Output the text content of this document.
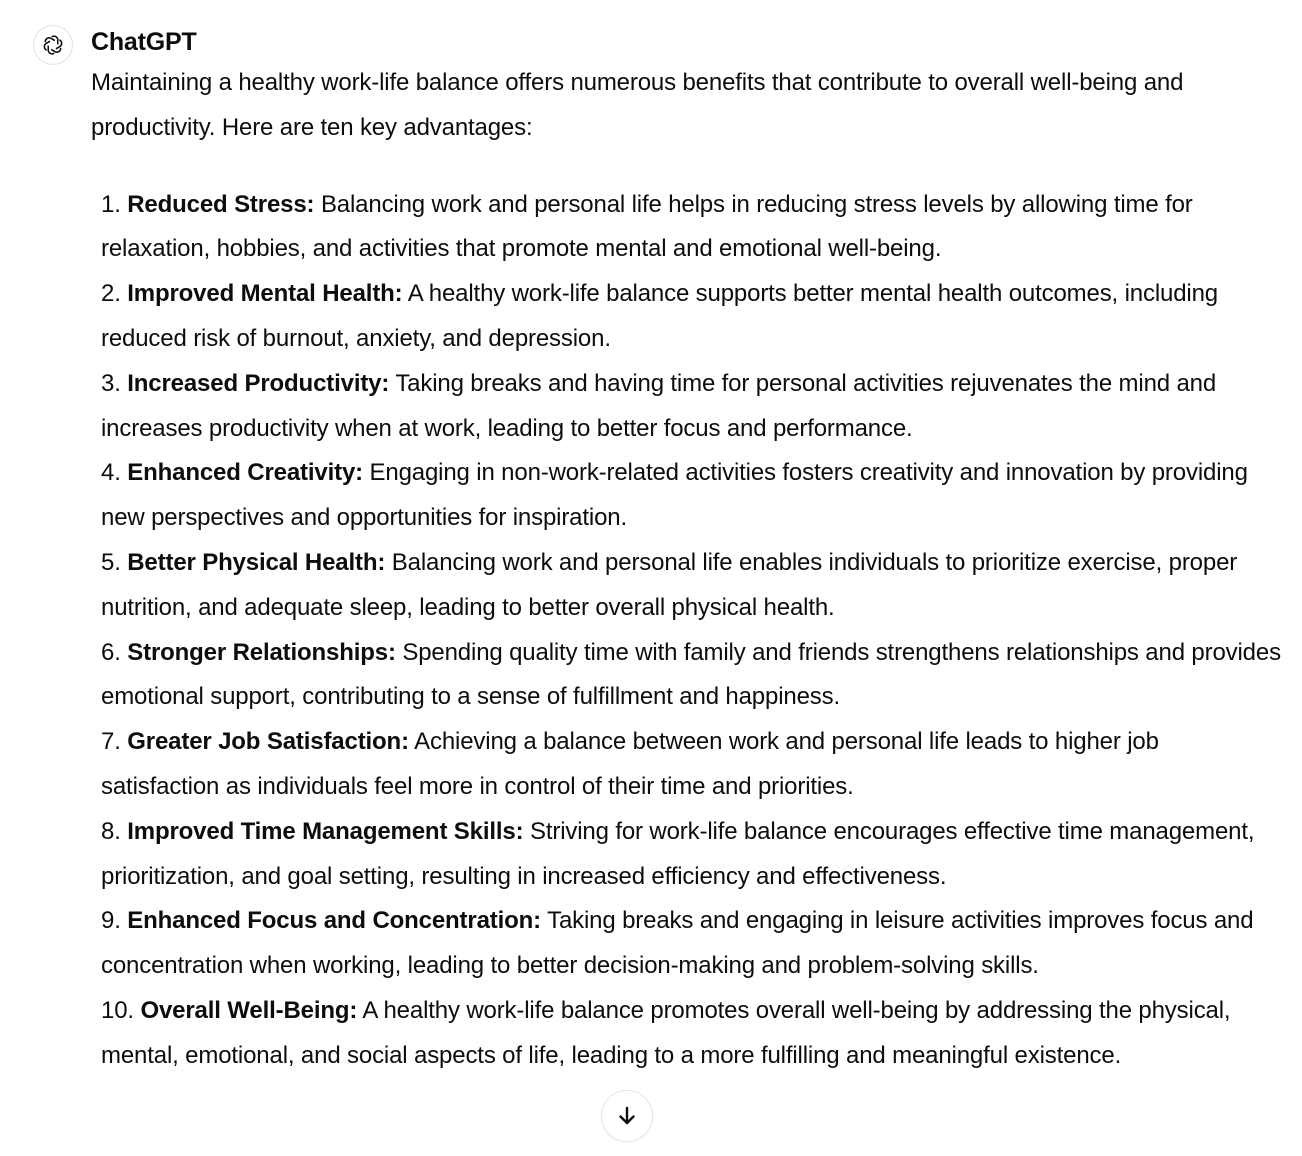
ChatGPT

Maintaining a healthy work-life balance offers numerous benefits that contribute to overall well-being and productivity. Here are ten key advantages:

1. Reduced Stress: Balancing work and personal life helps in reducing stress levels by allowing time for relaxation, hobbies, and activities that promote mental and emotional well-being.
2. Improved Mental Health: A healthy work-life balance supports better mental health outcomes, including reduced risk of burnout, anxiety, and depression.
3. Increased Productivity: Taking breaks and having time for personal activities rejuvenates the mind and increases productivity when at work, leading to better focus and performance.
4. Enhanced Creativity: Engaging in non-work-related activities fosters creativity and innovation by providing new perspectives and opportunities for inspiration.
5. Better Physical Health: Balancing work and personal life enables individuals to prioritize exercise, proper nutrition, and adequate sleep, leading to better overall physical health.
6. Stronger Relationships: Spending quality time with family and friends strengthens relationships and provides emotional support, contributing to a sense of fulfillment and happiness.
7. Greater Job Satisfaction: Achieving a balance between work and personal life leads to higher job satisfaction as individuals feel more in control of their time and priorities.
8. Improved Time Management Skills: Striving for work-life balance encourages effective time management, prioritization, and goal setting, resulting in increased efficiency and effectiveness.
9. Enhanced Focus and Concentration: Taking breaks and engaging in leisure activities improves focus and concentration when working, leading to better decision-making and problem-solving skills.
10. Overall Well-Being: A healthy work-life balance promotes overall well-being by addressing the physical, mental, emotional, and social aspects of life, leading to a more fulfilling and meaningful existence.
